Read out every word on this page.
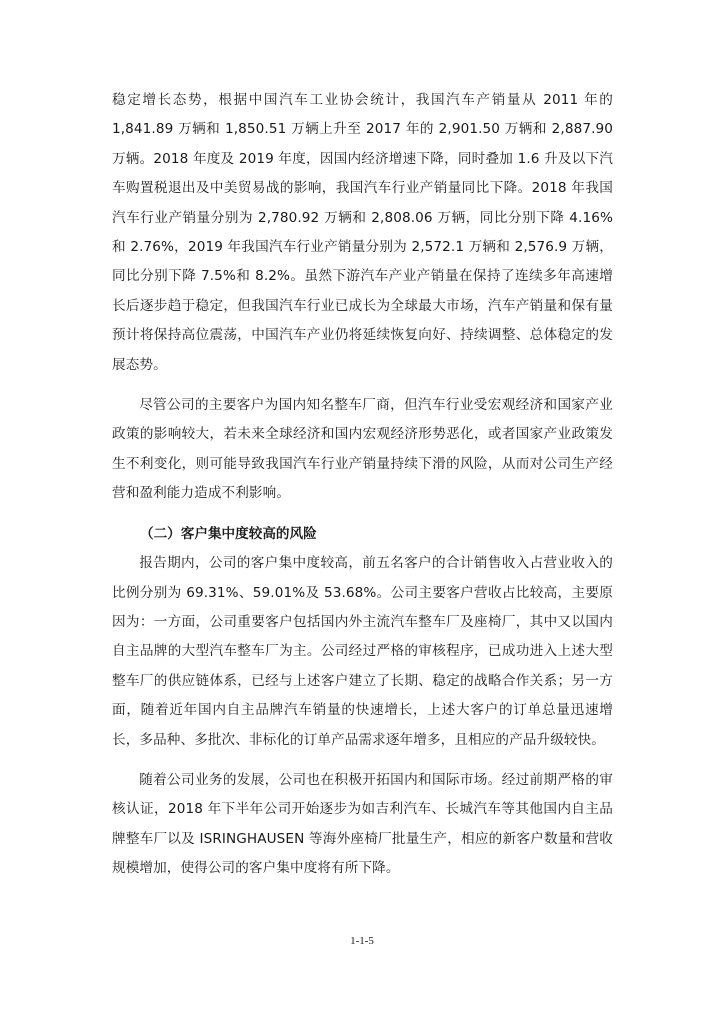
稳定增长态势，根据中国汽车工业协会统计，我国汽车产销量从 2011 年的 1,841.89 万辆和 1,850.51 万辆上升至 2017 年的 2,901.50 万辆和 2,887.90 万辆。2018 年度及 2019 年度，因国内经济增速下降，同时叠加 1.6 升及以下汽车购置税退出及中美贸易战的影响，我国汽车行业产销量同比下降。2018 年我国汽车行业产销量分别为 2,780.92 万辆和 2,808.06 万辆，同比分别下降 4.16% 和 2.76%，2019 年我国汽车行业产销量分别为 2,572.1 万辆和 2,576.9 万辆，同比分别下降 7.5%和 8.2%。虽然下游汽车产业产销量在保持了连续多年高速增长后逐步趋于稳定，但我国汽车行业已成长为全球最大市场，汽车产销量和保有量预计将保持高位震荡，中国汽车产业仍将延续恢复向好、持续调整、总体稳定的发展态势。

尽管公司的主要客户为国内知名整车厂商，但汽车行业受宏观经济和国家产业政策的影响较大，若未来全球经济和国内宏观经济形势恶化，或者国家产业政策发生不利变化，则可能导致我国汽车行业产销量持续下滑的风险，从而对公司生产经营和盈利能力造成不利影响。

（二）客户集中度较高的风险

报告期内，公司的客户集中度较高，前五名客户的合计销售收入占营业收入的比例分别为 69.31%、59.01%及 53.68%。公司主要客户营收占比较高，主要原因为：一方面，公司重要客户包括国内外主流汽车整车厂及座椅厂，其中又以国内自主品牌的大型汽车整车厂为主。公司经过严格的审核程序，已成功进入上述大型整车厂的供应链体系，已经与上述客户建立了长期、稳定的战略合作关系；另一方面，随着近年国内自主品牌汽车销量的快速增长，上述大客户的订单总量迅速增长，多品种、多批次、非标化的订单产品需求逐年增多，且相应的产品升级较快。

随着公司业务的发展，公司也在积极开拓国内和国际市场。经过前期严格的审核认证，2018 年下半年公司开始逐步为如吉利汽车、长城汽车等其他国内自主品牌整车厂以及 ISRINGHAUSEN 等海外座椅厂批量生产，相应的新客户数量和营收规模增加，使得公司的客户集中度将有所下降。

1-1-5
